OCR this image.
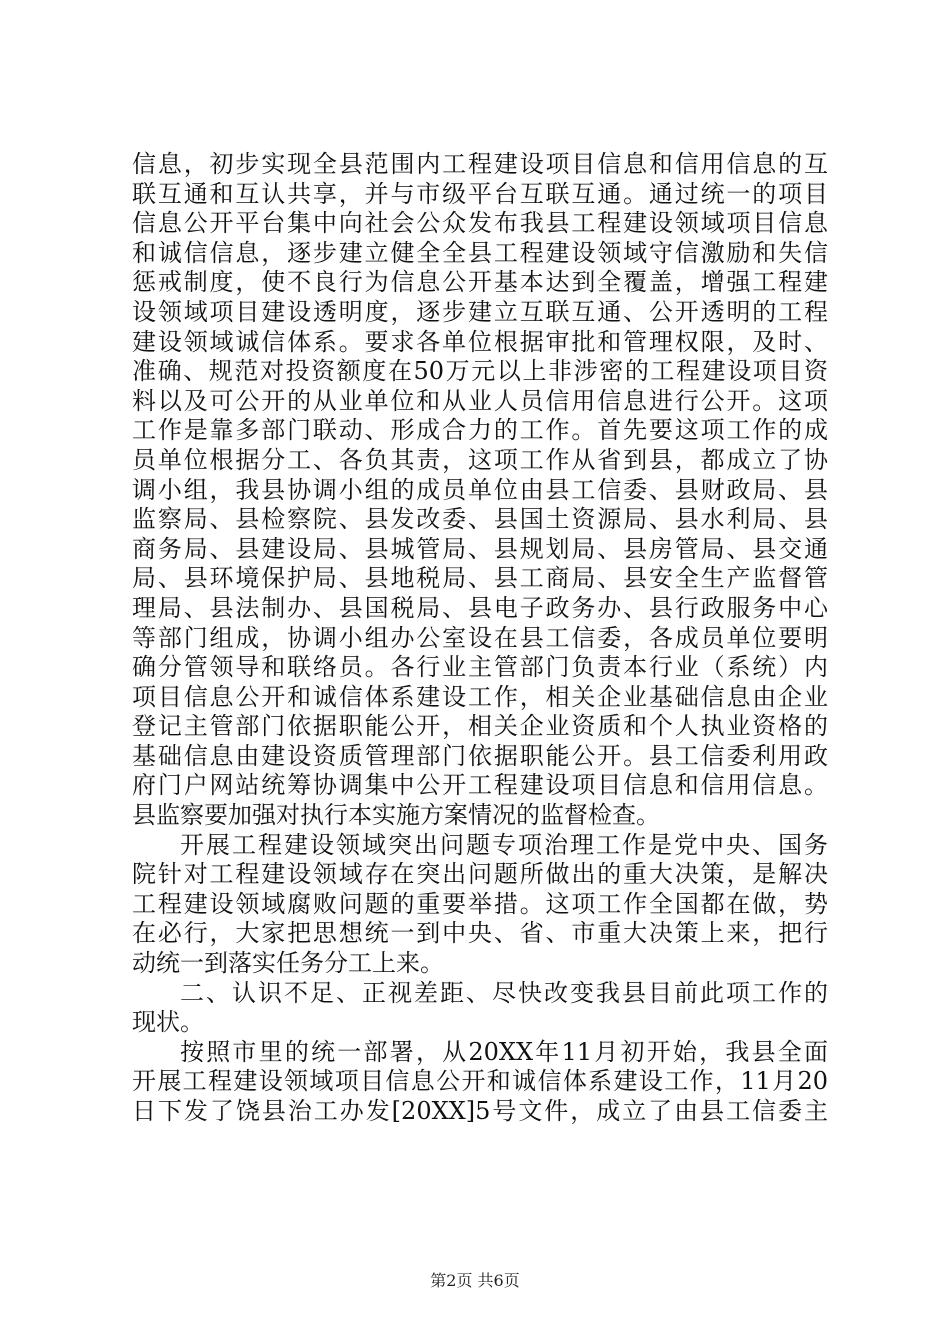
信息，初步实现全县范围内工程建设项目信息和信用信息的互
联互通和互认共享，并与市级平台互联互通。通过统一的项目
信息公开平台集中向社会公众发布我县工程建设领域项目信息
和诚信信息，逐步建立健全全县工程建设领域守信激励和失信
惩戒制度，使不良行为信息公开基本达到全覆盖，增强工程建
设领域项目建设透明度，逐步建立互联互通、公开透明的工程
建设领域诚信体系。要求各单位根据审批和管理权限，及时、
准确、规范对投资额度在50万元以上非涉密的工程建设项目资
料以及可公开的从业单位和从业人员信用信息进行公开。这项
工作是靠多部门联动、形成合力的工作。首先要这项工作的成
员单位根据分工、各负其责，这项工作从省到县，都成立了协
调小组，我县协调小组的成员单位由县工信委、县财政局、县
监察局、县检察院、县发改委、县国土资源局、县水利局、县
商务局、县建设局、县城管局、县规划局、县房管局、县交通
局、县环境保护局、县地税局、县工商局、县安全生产监督管
理局、县法制办、县国税局、县电子政务办、县行政服务中心
等部门组成，协调小组办公室设在县工信委，各成员单位要明
确分管领导和联络员。各行业主管部门负责本行业（系统）内
项目信息公开和诚信体系建设工作，相关企业基础信息由企业
登记主管部门依据职能公开，相关企业资质和个人执业资格的
基础信息由建设资质管理部门依据职能公开。县工信委利用政
府门户网站统筹协调集中公开工程建设项目信息和信用信息。
县监察要加强对执行本实施方案情况的监督检查。
开展工程建设领域突出问题专项治理工作是党中央、国务
院针对工程建设领域存在突出问题所做出的重大决策，是解决
工程建设领域腐败问题的重要举措。这项工作全国都在做，势
在必行，大家把思想统一到中央、省、市重大决策上来，把行
动统一到落实任务分工上来。
二、认识不足、正视差距、尽快改变我县目前此项工作的
现状。
按照市里的统一部署，从20XX年11月初开始，我县全面
开展工程建设领域项目信息公开和诚信体系建设工作，11月20
日下发了饶县治工办发[20XX]5号文件，成立了由县工信委主
第2页 共6页
